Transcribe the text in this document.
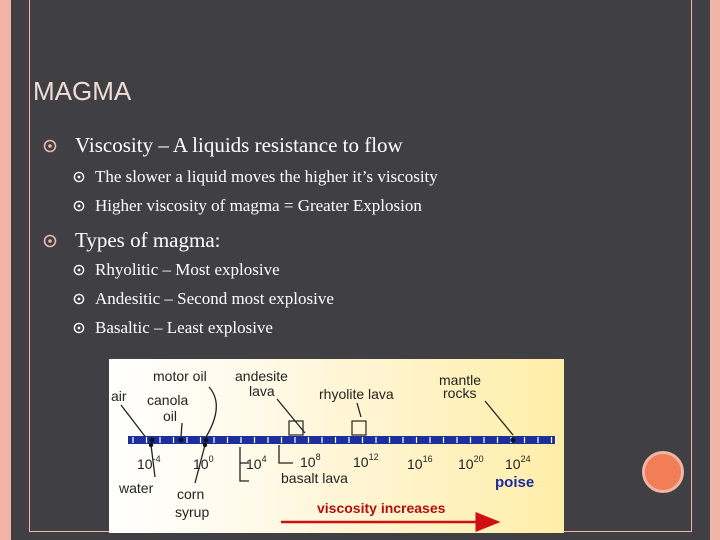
MAGMA
Viscosity – A liquids resistance to flow
The slower a liquid moves the higher it’s viscosity
Higher viscosity of magma = Greater Explosion
Types of magma:
Rhyolitic – Most explosive
Andesitic – Second most explosive
Basaltic – Least explosive
motor oil
air canola
oil
andesite
lava	rhyolite lava
mantle
rocks
$10^{-4}$ $10^0$ $10^4$ $10^8$ $10^{12}$ $10^{16}$ $10^{20}$ $10^{24}$
water corn
syrup
basalt lava	poise
viscosity increases
